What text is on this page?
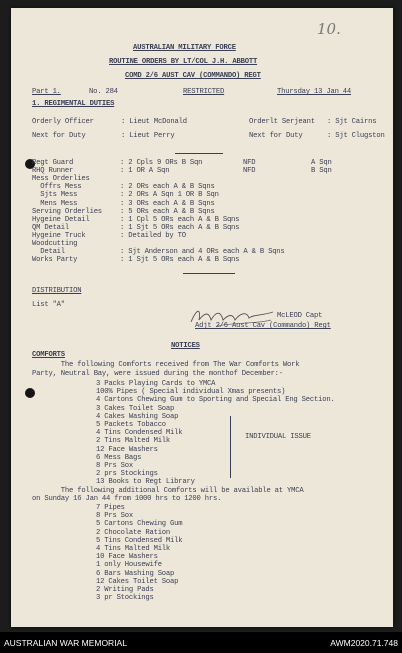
10.
AUSTRALIAN MILITARY FORCE
ROUTINE ORDERS BY LT/COL J.H. ABBOTT
COMD 2/6 AUST CAV (COMMANDO) REGT
Part 1.	No. 284	RESTRICTED	Thursday 13 Jan 44
1. REGIMENTAL DUTIES
Orderly Officer	: Lieut McDonald	Orderlt Serjeant : Sjt Cairns
Next for Duty	: Lieut Perry	Next for Duty	: Sjt Clugston
Regt Guard	: 2 Cpls 9 ORs B Sqn	NFD	A Sqn
RHQ Runner	: 1 OR A Sqn	NFD	B Sqn
Mess Orderlies
Offrs Mess	: 2 ORs each A & B Sqns
Sjts Mess	: 2 ORs A Sqn 1 OR B Sqn
Mens Mess	: 3 ORs each A & B Sqns
Serving Orderlies	: 5 ORs each A & B Sqns
Hygeine Detail	: 1 Cpl 5 ORs each A & B Sqns
QM Detail	: 1 Sjt 5 ORs each A & B Sqns
Hygeine Truck	: Detailed by TO
Woodcutting
Detail	: Sjt Anderson and 4 ORs each A & B Sqns
Works Party	: 1 Sjt 5 ORs each A & B Sqns
DISTRIBUTION
List "A"
McLEOD Capt
Adjt 2/6 Aust Cav (Commando) Regt
NOTICES
COMFORTS
The following Comforts received from The War Comforts Work
Party, Neutral Bay, were issued during the monthof December:-
3 Packs Playing Cards to YMCA
100% Pipes ( Special individual Xmas presents)
4 Cartons Chewing Gum to Sporting and Special Eng Section.
3 Cakes Toilet Soap
4 Cakes Washing Soap
5 Packets Tobacco
4 Tins Condensed Milk
2 Tins Malted Milk
12 Face Washers
6 Mess Bags
8 Prs Sox
2 prs Stockings
13 Books to Regt Library
INDIVIDUAL ISSUE
The following additional Comforts will be available at YMCA
on Sunday 16 Jan 44 from 1000 hrs to 1200 hrs.
7 Pipes
8 Prs Sox
5 Cartons Chewing Gum
2 Chocolate Ration
5 Tins Condensed Milk
4 Tins Malted Milk
10 Face Washers
1 only Housewife
6 Bars Washing Soap
12 Cakes Toilet Soap
2 Writing Pads
3 pr Stockings
AUSTRALIAN WAR MEMORIAL	AWM2020.71.748
